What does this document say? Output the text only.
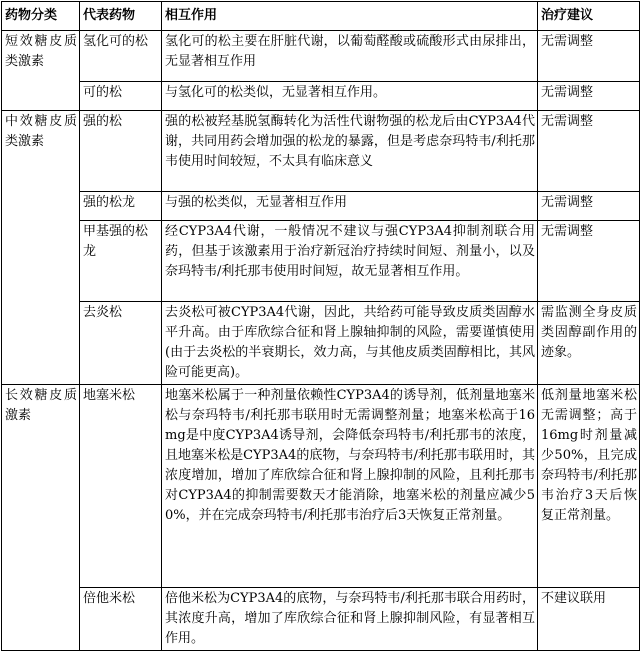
药物分类	代表药物	相互作用	治疗建议
短效糖皮质类激素	氢化可的松	氢化可的松主要在肝脏代谢，以葡萄醛酸或硫酸形式由尿排出，无显著相互作用	无需调整
	可的松	与氢化可的松类似，无显著相互作用。	无需调整
中效糖皮质类激素	强的松	强的松被羟基脱氢酶转化为活性代谢物强的松龙后由CYP3A4代谢，共同用药会增加强的松龙的暴露，但是考虑奈玛特韦/利托那韦使用时间较短，不太具有临床意义	无需调整
	强的松龙	与强的松类似，无显著相互作用	无需调整
	甲基强的松龙	经CYP3A4代谢，一般情况不建议与强CYP3A4抑制剂联合用药，但基于该激素用于治疗新冠治疗持续时间短、剂量小，以及奈玛特韦/利托那韦使用时间短，故无显著相互作用。	无需调整
	去炎松	去炎松可被CYP3A4代谢，因此，共给药可能导致皮质类固醇水平升高。由于库欣综合征和肾上腺轴抑制的风险，需要谨慎使用(由于去炎松的半衰期长，效力高，与其他皮质类固醇相比，其风险可能更高)。	需监测全身皮质类固醇副作用的迹象。
长效糖皮质激素	地塞米松	地塞米松属于一种剂量依赖性CYP3A4的诱导剂，低剂量地塞米松与奈玛特韦/利托那韦联用时无需调整剂量；地塞米松高于16mg是中度CYP3A4诱导剂，会降低奈玛特韦/利托那韦的浓度，且地塞米松是CYP3A4的底物，与奈玛特韦/利托那韦联用时，其浓度增加，增加了库欣综合征和肾上腺抑制的风险，且利托那韦对CYP3A4的抑制需要数天才能消除，地塞米松的剂量应减少50%，并在完成奈玛特韦/利托那韦治疗后3天恢复正常剂量。	低剂量地塞米松无需调整；高于16mg时剂量减少50%，且完成奈玛特韦/利托那韦治疗3天后恢复正常剂量。
	倍他米松	倍他米松为CYP3A4的底物，与奈玛特韦/利托那韦联合用药时，其浓度升高，增加了库欣综合征和肾上腺抑制风险，有显著相互作用。	不建议联用
